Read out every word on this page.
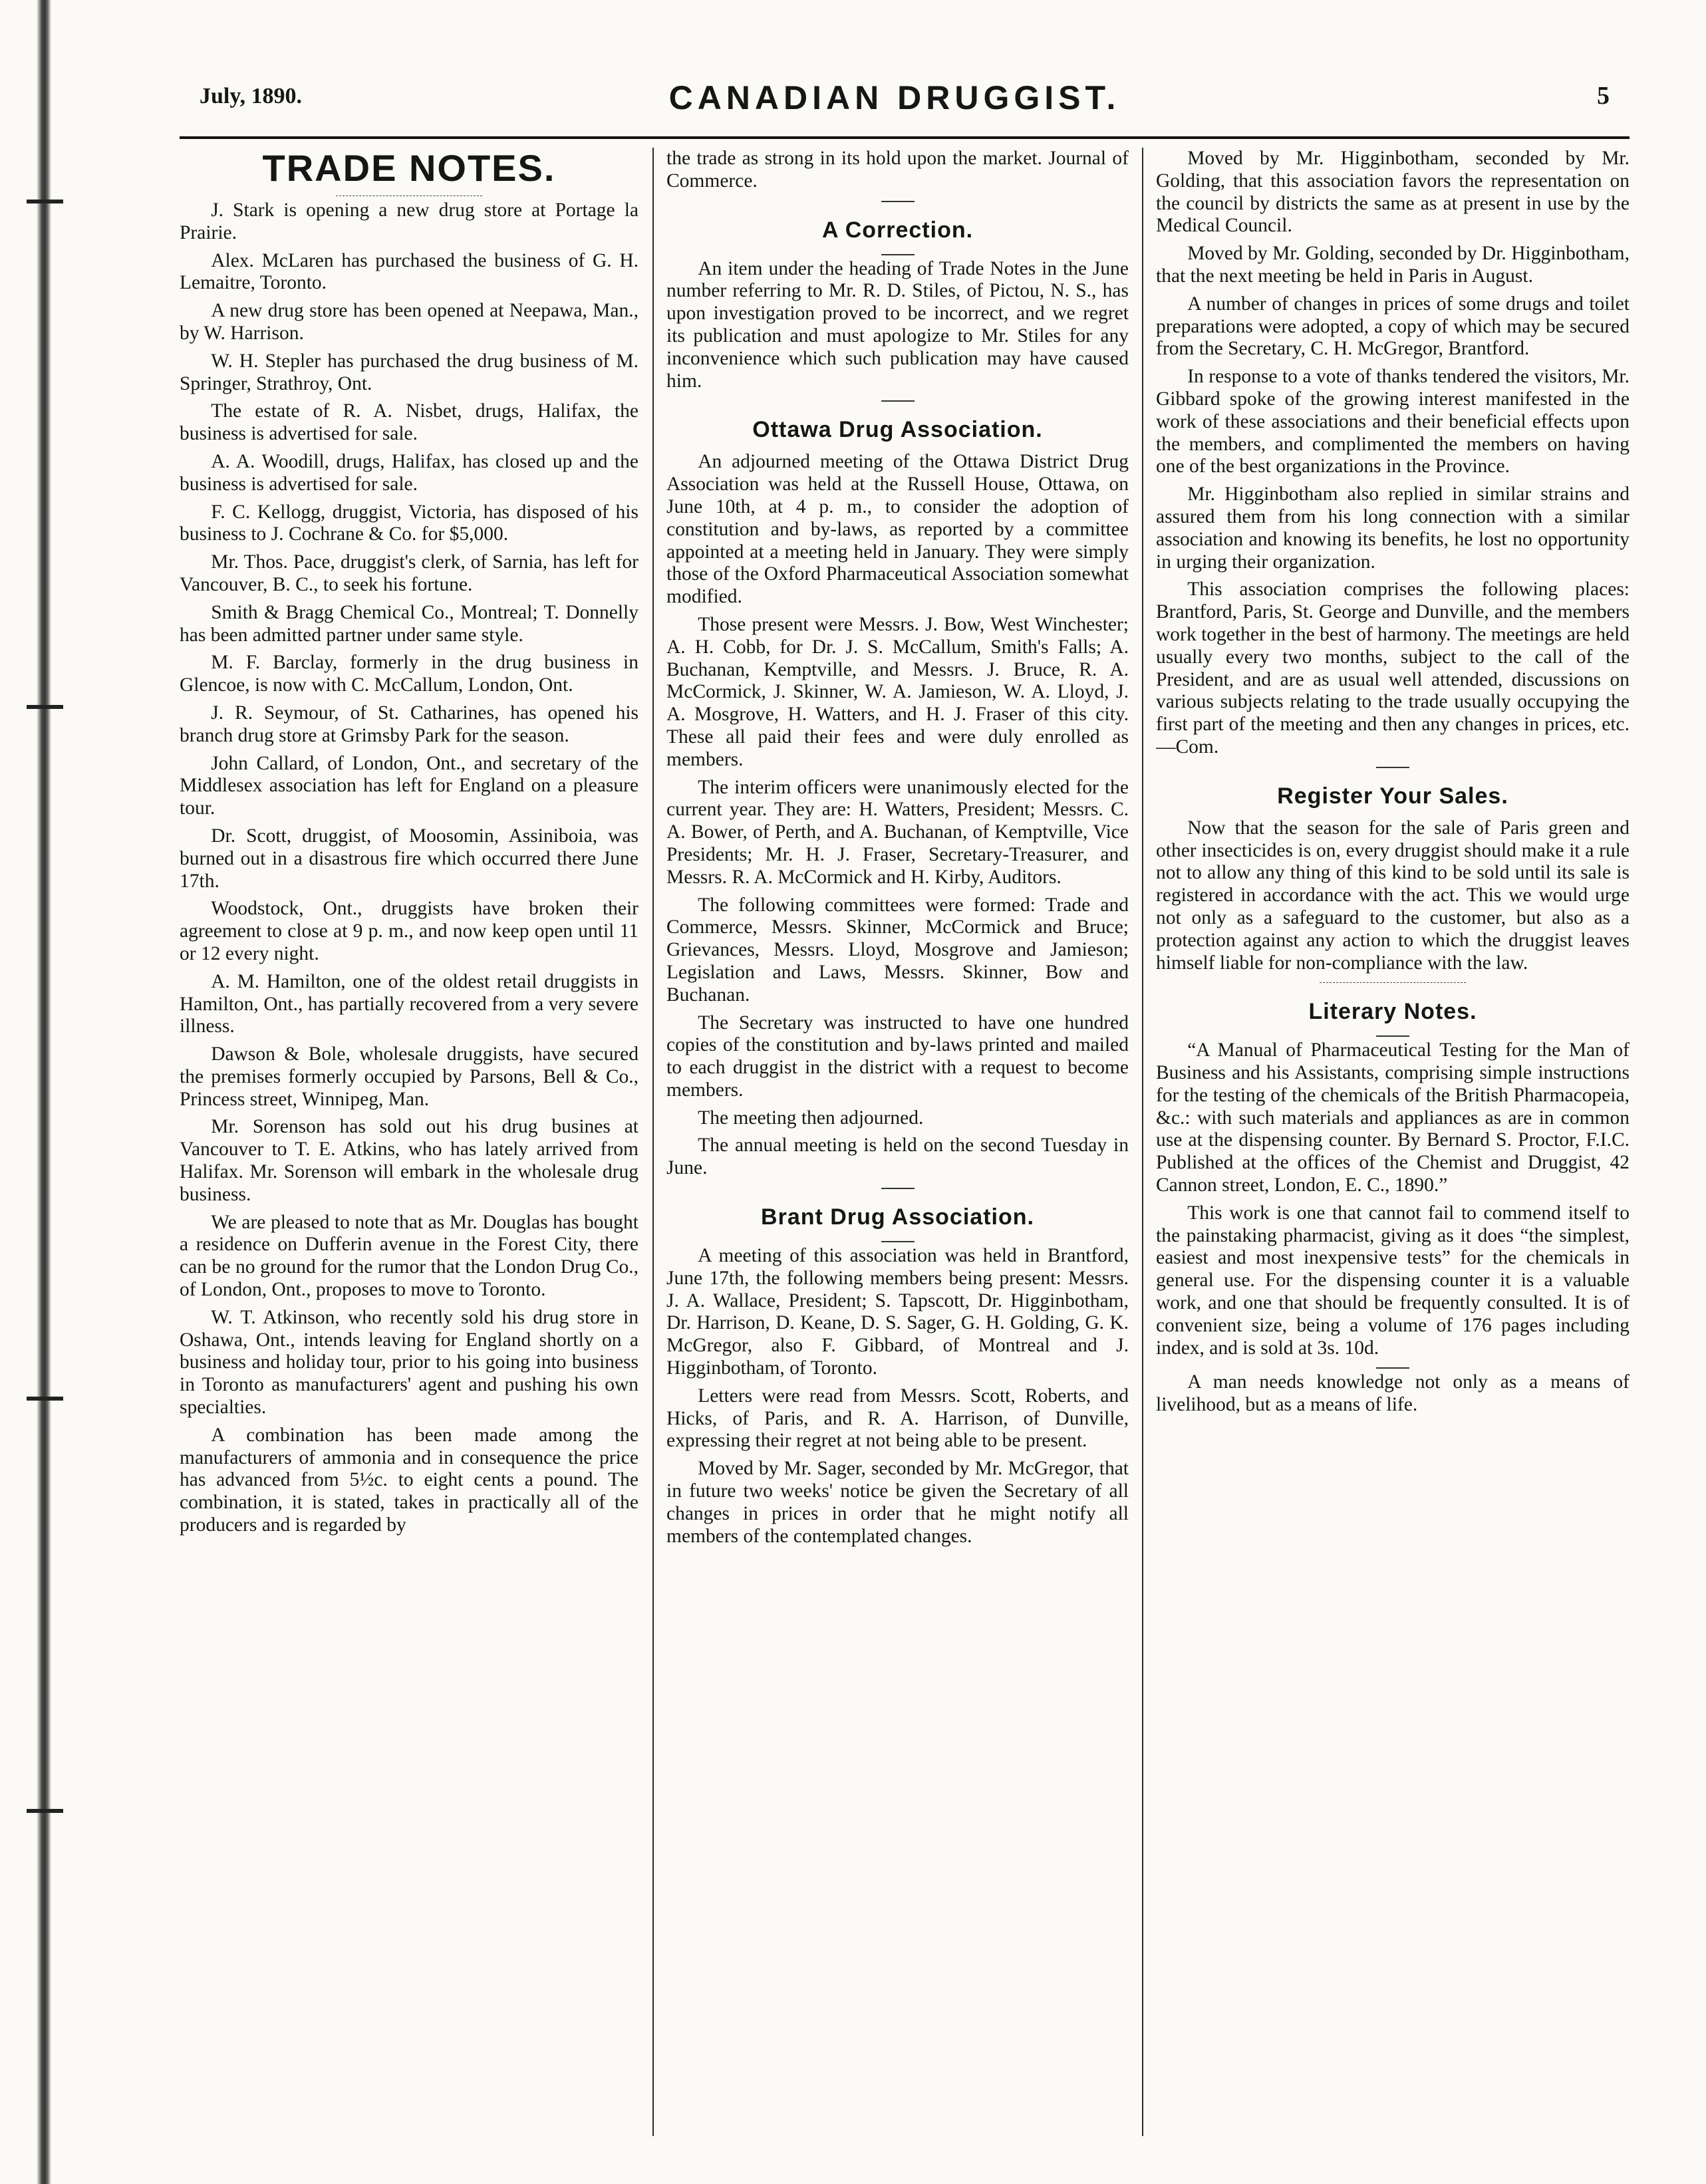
July, 1890.	CANADIAN DRUGGIST.	5
TRADE NOTES.

J. Stark is opening a new drug store at Portage la Prairie.

Alex. McLaren has purchased the business of G. H. Lemaitre, Toronto.

A new drug store has been opened at Neepawa, Man., by W. Harrison.

W. H. Stepler has purchased the drug business of M. Springer, Strathroy, Ont.

The estate of R. A. Nisbet, drugs, Halifax, the business is advertised for sale.

A. A. Woodill, drugs, Halifax, has closed up and the business is advertised for sale.

F. C. Kellogg, druggist, Victoria, has disposed of his business to J. Cochrane & Co. for $5,000.

Mr. Thos. Pace, druggist's clerk, of Sarnia, has left for Vancouver, B. C., to seek his fortune.

Smith & Bragg Chemical Co., Montreal; T. Donnelly has been admitted partner under same style.

M. F. Barclay, formerly in the drug business in Glencoe, is now with C. McCallum, London, Ont.

J. R. Seymour, of St. Catharines, has opened his branch drug store at Grimsby Park for the season.

John Callard, of London, Ont., and secretary of the Middlesex association has left for England on a pleasure tour.

Dr. Scott, druggist, of Moosomin, Assiniboia, was burned out in a disastrous fire which occurred there June 17th.

Woodstock, Ont., druggists have broken their agreement to close at 9 p. m., and now keep open until 11 or 12 every night.

A. M. Hamilton, one of the oldest retail druggists in Hamilton, Ont., has partially recovered from a very severe illness.

Dawson & Bole, wholesale druggists, have secured the premises formerly occupied by Parsons, Bell & Co., Princess street, Winnipeg, Man.

Mr. Sorenson has sold out his drug busines at Vancouver to T. E. Atkins, who has lately arrived from Halifax. Mr. Sorenson will embark in the wholesale drug business.

We are pleased to note that as Mr. Douglas has bought a residence on Dufferin avenue in the Forest City, there can be no ground for the rumor that the London Drug Co., of London, Ont., proposes to move to Toronto.

W. T. Atkinson, who recently sold his drug store in Oshawa, Ont., intends leaving for England shortly on a business and holiday tour, prior to his going into business in Toronto as manufacturers' agent and pushing his own specialties.

A combination has been made among the manufacturers of ammonia and in consequence the price has advanced from 5½c. to eight cents a pound. The combination, it is stated, takes in practically all of the producers and is regarded by

the trade as strong in its hold upon the market. Journal of Commerce.

A Correction.

An item under the heading of Trade Notes in the June number referring to Mr. R. D. Stiles, of Pictou, N. S., has upon investigation proved to be incorrect, and we regret its publication and must apologize to Mr. Stiles for any inconvenience which such publication may have caused him.

Ottawa Drug Association.

An adjourned meeting of the Ottawa District Drug Association was held at the Russell House, Ottawa, on June 10th, at 4 p. m., to consider the adoption of constitution and by-laws, as reported by a committee appointed at a meeting held in January. They were simply those of the Oxford Pharmaceutical Association somewhat modified.

Those present were Messrs. J. Bow, West Winchester; A. H. Cobb, for Dr. J. S. McCallum, Smith's Falls; A. Buchanan, Kemptville, and Messrs. J. Bruce, R. A. McCormick, J. Skinner, W. A. Jamieson, W. A. Lloyd, J. A. Mosgrove, H. Watters, and H. J. Fraser of this city. These all paid their fees and were duly enrolled as members.

The interim officers were unanimously elected for the current year. They are: H. Watters, President; Messrs. C. A. Bower, of Perth, and A. Buchanan, of Kemptville, Vice Presidents; Mr. H. J. Fraser, Secretary-Treasurer, and Messrs. R. A. McCormick and H. Kirby, Auditors.

The following committees were formed: Trade and Commerce, Messrs. Skinner, McCormick and Bruce; Grievances, Messrs. Lloyd, Mosgrove and Jamieson; Legislation and Laws, Messrs. Skinner, Bow and Buchanan.

The Secretary was instructed to have one hundred copies of the constitution and by-laws printed and mailed to each druggist in the district with a request to become members.

The meeting then adjourned.

The annual meeting is held on the second Tuesday in June.

Brant Drug Association.

A meeting of this association was held in Brantford, June 17th, the following members being present: Messrs. J. A. Wallace, President; S. Tapscott, Dr. Higginbotham, Dr. Harrison, D. Keane, D. S. Sager, G. H. Golding, G. K. McGregor, also F. Gibbard, of Montreal and J. Higginbotham, of Toronto.

Letters were read from Messrs. Scott, Roberts, and Hicks, of Paris, and R. A. Harrison, of Dunville, expressing their regret at not being able to be present.

Moved by Mr. Sager, seconded by Mr. McGregor, that in future two weeks' notice be given the Secretary of all changes in prices in order that he might notify all members of the contemplated changes.

Moved by Mr. Higginbotham, seconded by Mr. Golding, that this association favors the representation on the council by districts the same as at present in use by the Medical Council.

Moved by Mr. Golding, seconded by Dr. Higginbotham, that the next meeting be held in Paris in August.

A number of changes in prices of some drugs and toilet preparations were adopted, a copy of which may be secured from the Secretary, C. H. McGregor, Brantford.

In response to a vote of thanks tendered the visitors, Mr. Gibbard spoke of the growing interest manifested in the work of these associations and their beneficial effects upon the members, and complimented the members on having one of the best organizations in the Province.

Mr. Higginbotham also replied in similar strains and assured them from his long connection with a similar association and knowing its benefits, he lost no opportunity in urging their organization.

This association comprises the following places: Brantford, Paris, St. George and Dunville, and the members work together in the best of harmony. The meetings are held usually every two months, subject to the call of the President, and are as usual well attended, discussions on various subjects relating to the trade usually occupying the first part of the meeting and then any changes in prices, etc.—Com.

Register Your Sales.

Now that the season for the sale of Paris green and other insecticides is on, every druggist should make it a rule not to allow any thing of this kind to be sold until its sale is registered in accordance with the act. This we would urge not only as a safeguard to the customer, but also as a protection against any action to which the druggist leaves himself liable for non-compliance with the law.

Literary Notes.

“A Manual of Pharmaceutical Testing for the Man of Business and his Assistants, comprising simple instructions for the testing of the chemicals of the British Pharmacopeia, &c.: with such materials and appliances as are in common use at the dispensing counter. By Bernard S. Proctor, F.I.C. Published at the offices of the Chemist and Druggist, 42 Cannon street, London, E. C., 1890.”

This work is one that cannot fail to commend itself to the painstaking pharmacist, giving as it does “the simplest, easiest and most inexpensive tests” for the chemicals in general use. For the dispensing counter it is a valuable work, and one that should be frequently consulted. It is of convenient size, being a volume of 176 pages including index, and is sold at 3s. 10d.

A man needs knowledge not only as a means of livelihood, but as a means of life.
